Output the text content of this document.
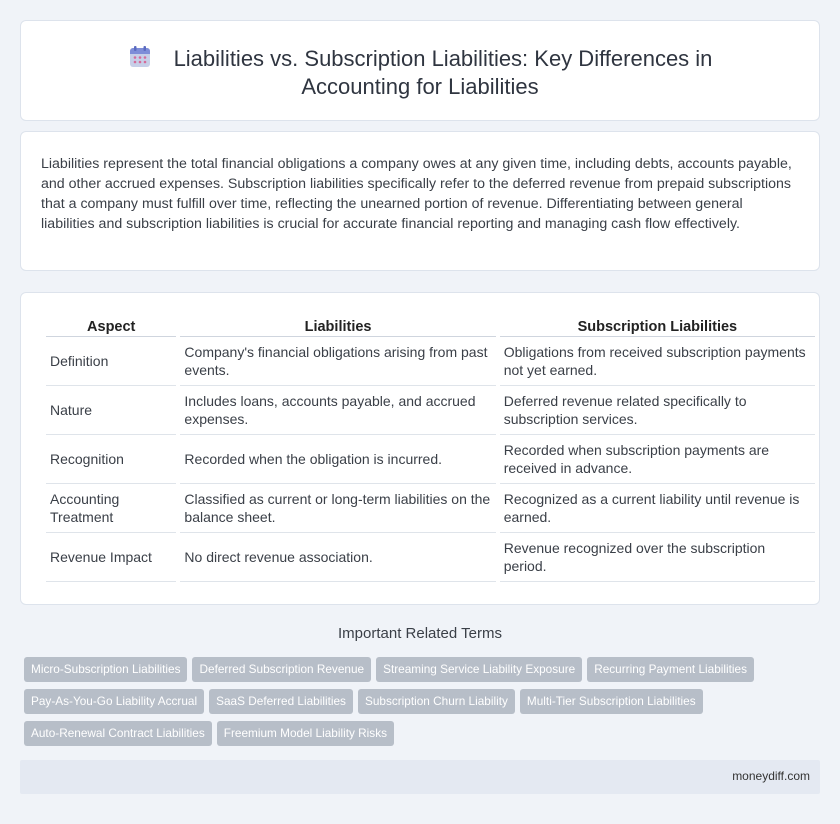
Liabilities vs. Subscription Liabilities: Key Differences in
Accounting for Liabilities

Liabilities represent the total financial obligations a company owes at any given time, including debts, accounts payable, and other accrued expenses. Subscription liabilities specifically refer to the deferred revenue from prepaid subscriptions that a company must fulfill over time, reflecting the unearned portion of revenue. Differentiating between general liabilities and subscription liabilities is crucial for accurate financial reporting and managing cash flow effectively.

Aspect	Liabilities	Subscription Liabilities
Definition	Company's financial obligations arising from past events.	Obligations from received subscription payments not yet earned.
Nature	Includes loans, accounts payable, and accrued expenses.	Deferred revenue related specifically to subscription services.
Recognition	Recorded when the obligation is incurred.	Recorded when subscription payments are received in advance.
Accounting Treatment	Classified as current or long-term liabilities on the balance sheet.	Recognized as a current liability until revenue is earned.
Revenue Impact	No direct revenue association.	Revenue recognized over the subscription period.
Important Related Terms
Micro-Subscription Liabilities Deferred Subscription Revenue Streaming Service Liability Exposure Recurring Payment Liabilities
Pay-As-You-Go Liability Accrual SaaS Deferred Liabilities Subscription Churn Liability Multi-Tier Subscription Liabilities
Auto-Renewal Contract Liabilities Freemium Model Liability Risks
moneydiff.com
